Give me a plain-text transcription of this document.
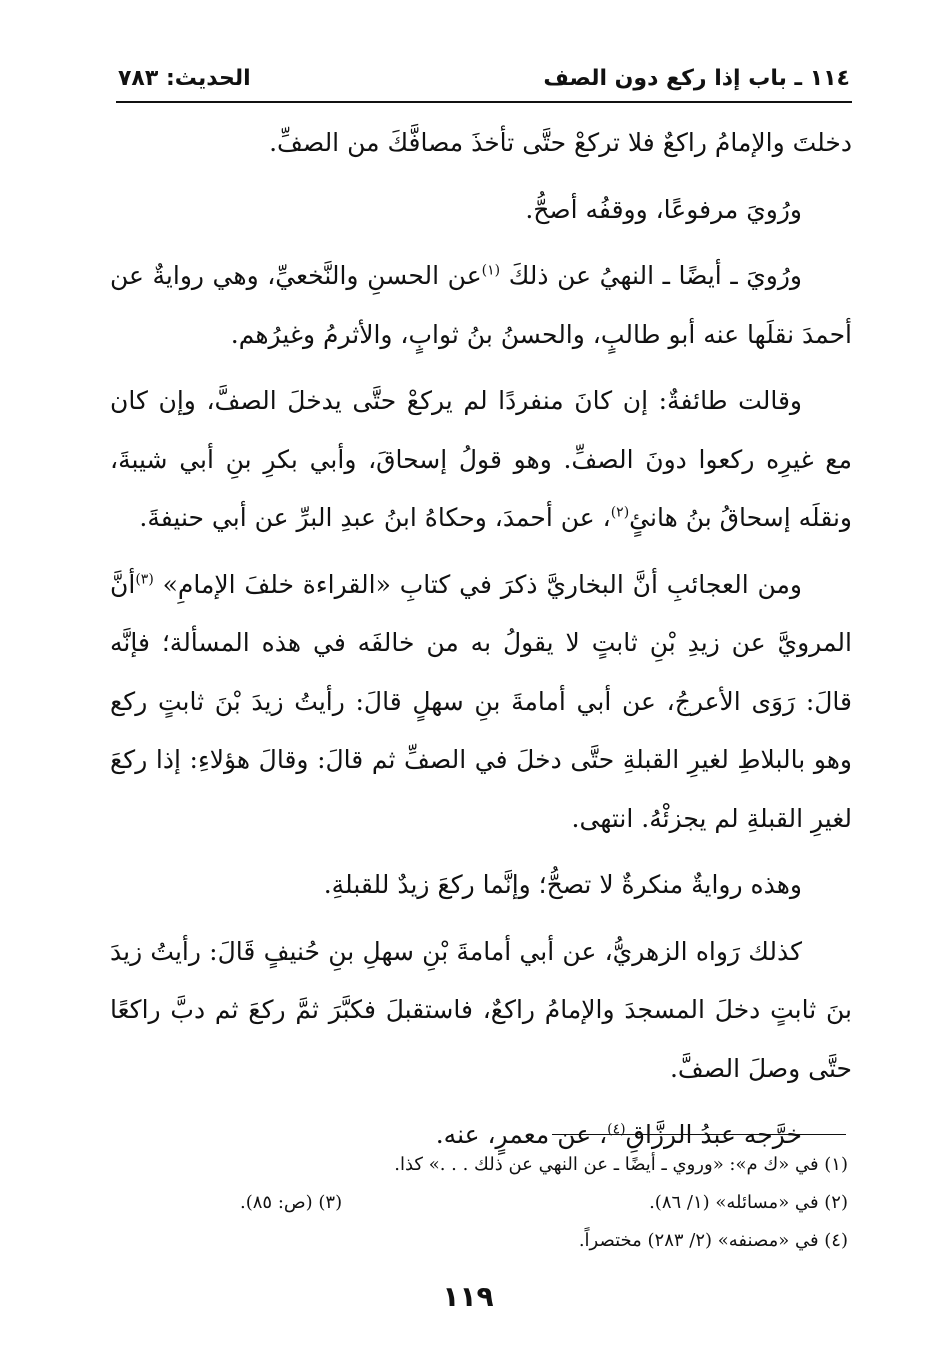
١١٤ ـ باب إذا ركع دون الصف
الحديث: ٧٨٣

دخلتَ والإمامُ راكعٌ فلا تركعْ حتَّى تأخذَ مصافَّكَ من الصفِّ.

ورُويَ مرفوعًا، ووقفُه أصحُّ.

ورُويَ ـ أيضًا ـ النهيُ عن ذلكَ $^{(١)}$عن الحسنِ والنَّخعيِّ، وهي روايةٌ عن أحمدَ نقلَها عنه أبو طالبٍ، والحسنُ بنُ ثوابٍ، والأثرمُ وغيرُهم.

وقالت طائفةٌ: إن كانَ منفردًا لم يركعْ حتَّى يدخلَ الصفَّ، وإن كان مع غيرِه ركعوا دونَ الصفِّ. وهو قولُ إسحاقَ، وأبي بكرِ بنِ أبي شيبةَ، ونقلَه إسحاقُ بنُ هانئٍ$^{(٢)}$، عن أحمدَ، وحكاهُ ابنُ عبدِ البرِّ عن أبي حنيفةَ.

ومن العجائبِ أنَّ البخاريَّ ذكرَ في كتابِ «القراءة خلفَ الإمامِ» $^{(٣)}$أنَّ المرويَّ عن زيدِ بْنِ ثابتٍ لا يقولُ به من خالفَه في هذه المسألة؛ فإنَّه قالَ: رَوَى الأعرجُ، عن أبي أمامةَ بنِ سهلٍ قالَ: رأيتُ زيدَ بْنَ ثابتٍ ركع وهو بالبلاطِ لغيرِ القبلةِ حتَّى دخلَ في الصفِّ ثم قالَ: وقالَ هؤلاءِ: إذا ركعَ لغيرِ القبلةِ لم يجزئْهُ. انتهى.

وهذه روايةٌ منكرةٌ لا تصحُّ؛ وإنَّما ركعَ زيدٌ للقبلةِ.

كذلك رَواه الزهريُّ، عن أبي أمامةَ بْنِ سهلِ بنِ حُنيفٍ قَالَ: رأيتُ زيدَ بنَ ثابتٍ دخلَ المسجدَ والإمامُ راكعٌ، فاستقبلَ فكبَّرَ ثمَّ ركعَ ثم دبَّ راكعًا حتَّى وصلَ الصفَّ.

خرَّجه عبدُ الرزَّاقِ$^{(٤)}$، عن معمرٍ، عنه.

(١) في «ك م»: «وروي ـ أيضًا ـ عن النهي عن ذلك . . .» كذا.
(٢) في «مسائله» (١/ ٨٦).
(٣) (ص: ٨٥).
(٤) في «مصنفه» (٢/ ٢٨٣) مختصراً.
١١٩
